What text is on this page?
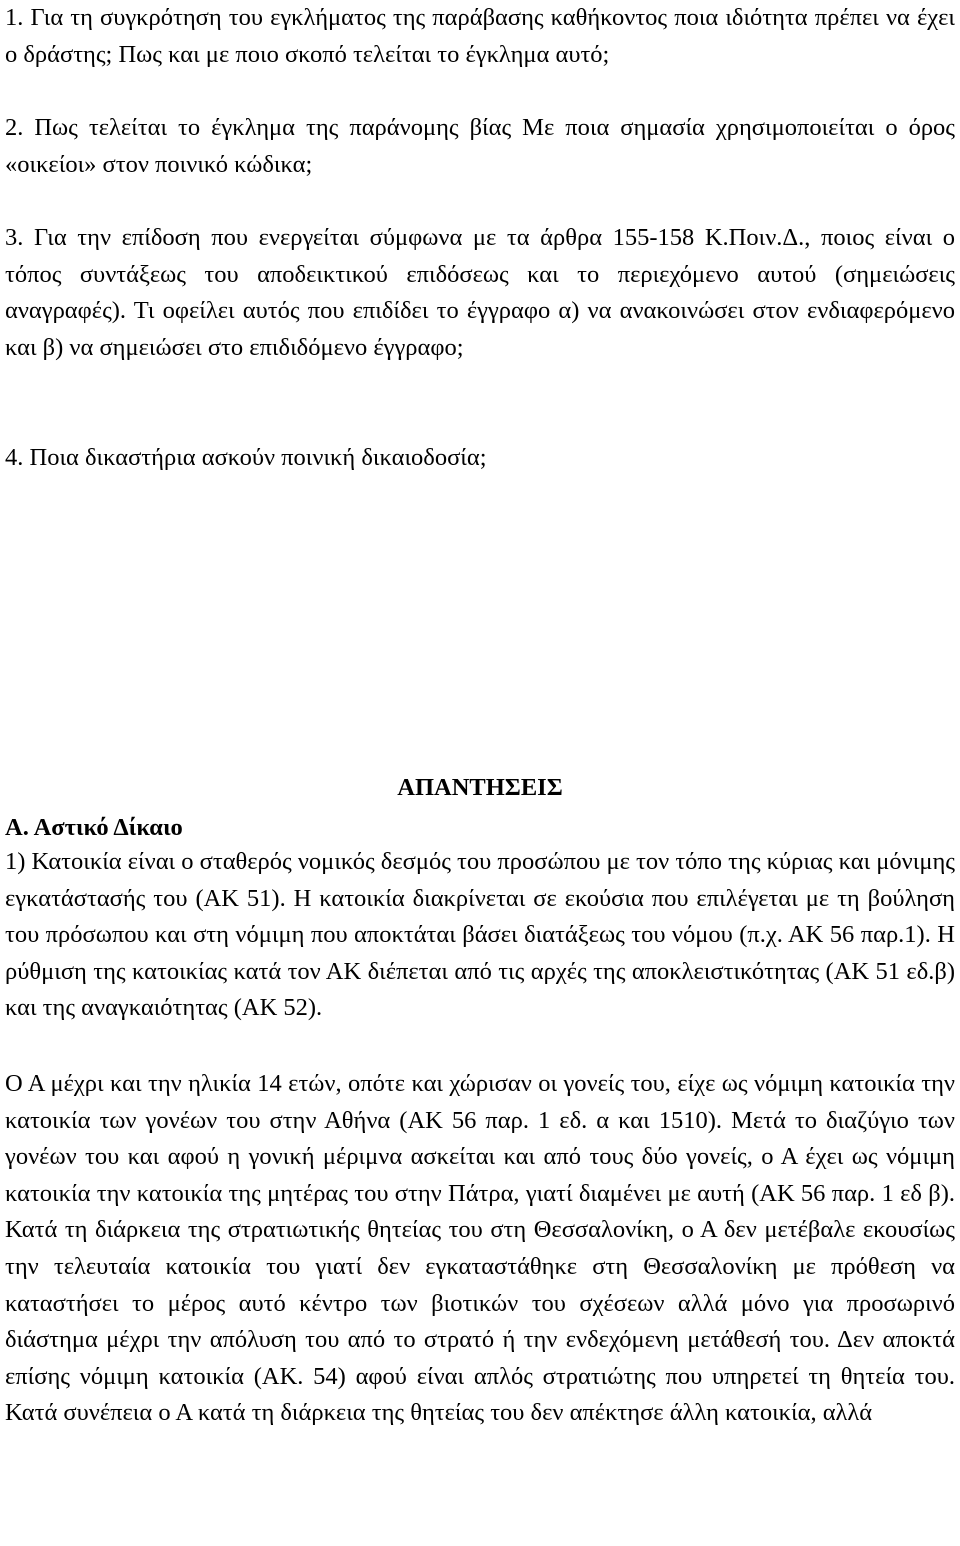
1. Για τη συγκρότηση του εγκλήματος της παράβασης καθήκοντος ποια ιδιότητα πρέπει να έχει ο δράστης; Πως και με ποιο σκοπό τελείται το έγκλημα αυτό;

2. Πως τελείται το έγκλημα της παράνομης βίας Με ποια σημασία χρησιμοποιείται ο όρος «οικείοι» στον ποινικό κώδικα;

3. Για την επίδοση που ενεργείται σύμφωνα με τα άρθρα 155-158 Κ.Ποιν.Δ., ποιος είναι ο τόπος συντάξεως του αποδεικτικού επιδόσεως και το περιεχόμενο αυτού (σημειώσεις αναγραφές). Τι οφείλει αυτός που επιδίδει το έγγραφο α) να ανακοινώσει στον ενδιαφερόμενο και β) να σημειώσει στο επιδιδόμενο έγγραφο;

4. Ποια δικαστήρια ασκούν ποινική δικαιοδοσία;

ΑΠΑΝΤΗΣΕΙΣ

Α. Αστικό Δίκαιο

1) Κατοικία είναι ο σταθερός νομικός δεσμός του προσώπου με τον τόπο της κύριας και μόνιμης εγκατάστασής του (ΑΚ 51). Η κατοικία διακρίνεται σε εκούσια που επιλέγεται με τη βούληση του πρόσωπου και στη νόμιμη που αποκτάται βάσει διατάξεως του νόμου (π.χ. ΑΚ 56 παρ.1). Η ρύθμιση της κατοικίας κατά τον ΑΚ διέπεται από τις αρχές της αποκλειστικότητας (ΑΚ 51 εδ.β) και της αναγκαιότητας (ΑΚ 52).

Ο Α μέχρι και την ηλικία 14 ετών, οπότε και χώρισαν οι γονείς του, είχε ως νόμιμη κατοικία την κατοικία των γονέων του στην Αθήνα (ΑΚ 56 παρ. 1 εδ. α και 1510). Μετά το διαζύγιο των γονέων του και αφού η γονική μέριμνα ασκείται και από τους δύο γονείς, ο Α έχει ως νόμιμη κατοικία την κατοικία της μητέρας του στην Πάτρα, γιατί διαμένει με αυτή (ΑΚ 56 παρ. 1 εδ β). Κατά τη διάρκεια της στρατιωτικής θητείας του στη Θεσσαλονίκη, ο Α δεν μετέβαλε εκουσίως την τελευταία κατοικία του γιατί δεν εγκαταστάθηκε στη Θεσσαλονίκη με πρόθεση να καταστήσει το μέρος αυτό κέντρο των βιοτικών του σχέσεων αλλά μόνο για προσωρινό διάστημα μέχρι την απόλυση του από το στρατό ή την ενδεχόμενη μετάθεσή του. Δεν αποκτά επίσης νόμιμη κατοικία (ΑΚ. 54) αφού είναι απλός στρατιώτης που υπηρετεί τη θητεία του. Κατά συνέπεια ο Α κατά τη διάρκεια της θητείας του δεν απέκτησε άλλη κατοικία, αλλά
